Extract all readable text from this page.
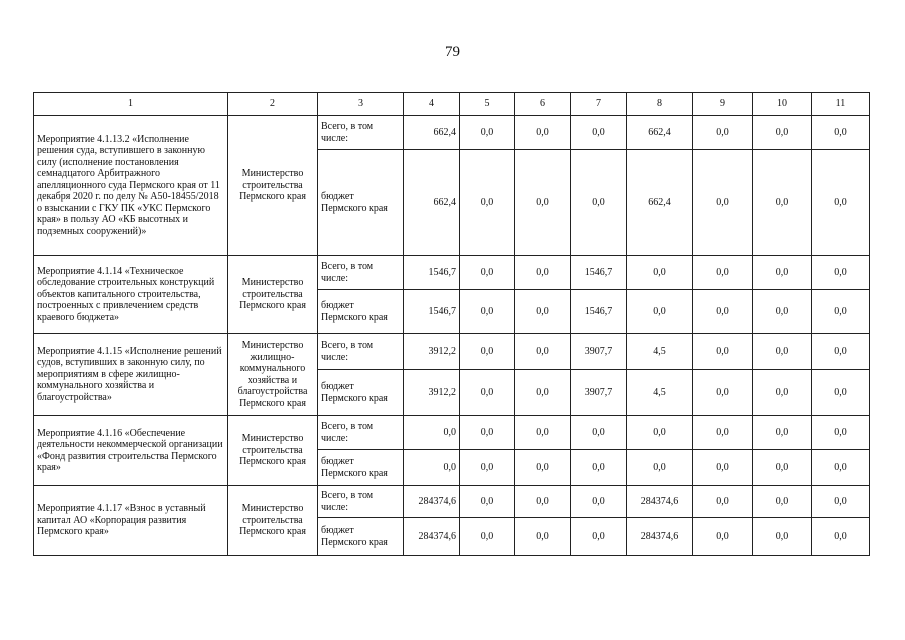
79
1	2	3	4	5	6	7	8	9	10	11
Мероприятие 4.1.13.2 «Исполнение решения суда, вступившего в законную силу (исполнение постановления семнадцатого Арбитражного апелляционного суда Пермского края от 11 декабря 2020 г. по делу № А50-18455/2018 о взыскании с ГКУ ПК «УКС Пермского края» в пользу АО «КБ высотных и подземных сооружений)»	Министерство строительства Пермского края	Всего, в том числе:	662,4	0,0	0,0	0,0	662,4	0,0	0,0	0,0
		бюджет Пермского края	662,4	0,0	0,0	0,0	662,4	0,0	0,0	0,0
Мероприятие 4.1.14 «Техническое обследование строительных конструкций объектов капитального строительства, построенных с привлечением средств краевого бюджета»	Министерство строительства Пермского края	Всего, в том числе:	1546,7	0,0	0,0	1546,7	0,0	0,0	0,0	0,0
		бюджет Пермского края	1546,7	0,0	0,0	1546,7	0,0	0,0	0,0	0,0
Мероприятие 4.1.15 «Исполнение решений судов, вступивших в законную силу, по мероприятиям в сфере жилищно-коммунального хозяйства и благоустройства»	Министерство жилищно-коммунального хозяйства и благоустройства Пермского края	Всего, в том числе:	3912,2	0,0	0,0	3907,7	4,5	0,0	0,0	0,0
		бюджет Пермского края	3912,2	0,0	0,0	3907,7	4,5	0,0	0,0	0,0
Мероприятие 4.1.16 «Обеспечение деятельности некоммерческой организации «Фонд развития строительства Пермского края»	Министерство строительства Пермского края	Всего, в том числе:	0,0	0,0	0,0	0,0	0,0	0,0	0,0	0,0
		бюджет Пермского края	0,0	0,0	0,0	0,0	0,0	0,0	0,0	0,0
Мероприятие 4.1.17 «Взнос в уставный капитал АО «Корпорация развития Пермского края»	Министерство строительства Пермского края	Всего, в том числе:	284374,6	0,0	0,0	0,0	284374,6	0,0	0,0	0,0
		бюджет Пермского края	284374,6	0,0	0,0	0,0	284374,6	0,0	0,0	0,0
